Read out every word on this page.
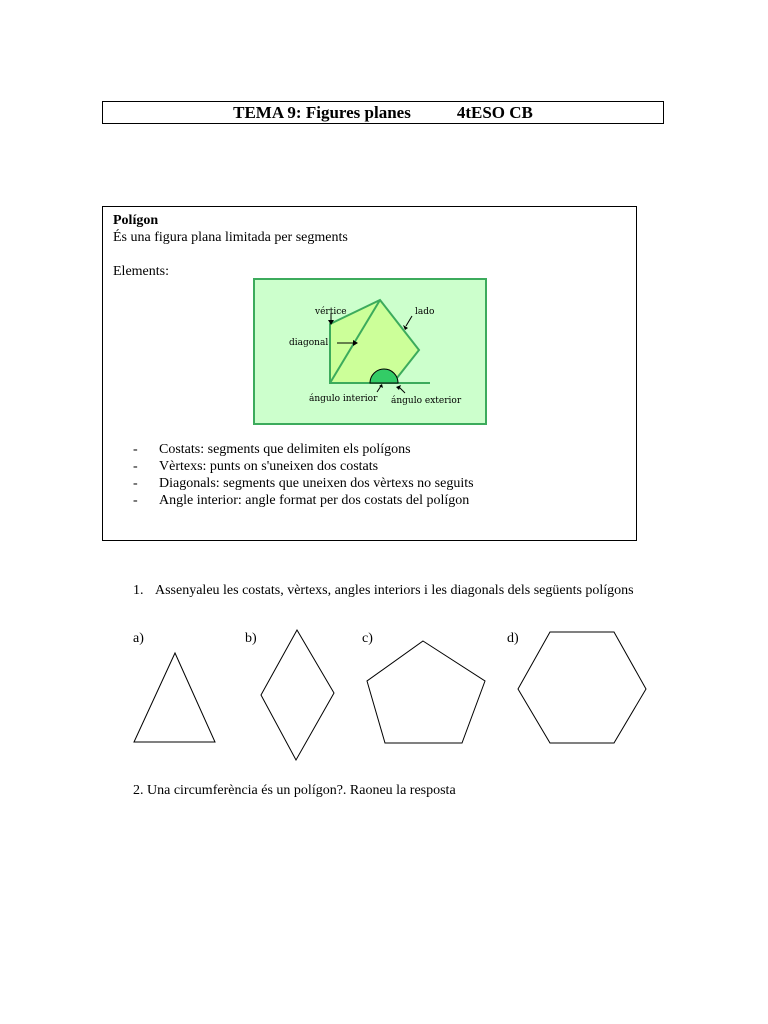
TEMA 9: Figures planes	4tESO CB
Polígon
És una figura plana limitada per segments
Elements:
vértice	lado
diagonal
ángulo interior ángulo exterior
- Costats: segments que delimiten els polígons
- Vèrtexs: punts on s'uneixen dos costats
- Diagonals: segments que uneixen dos vèrtexs no seguits
- Angle interior: angle format per dos costats del polígon
1. Assenyaleu les costats, vèrtexs, angles interiors i les diagonals dels següents polígons
a)	b)	c)	d)
2. Una circumferència és un polígon?. Raoneu la resposta
